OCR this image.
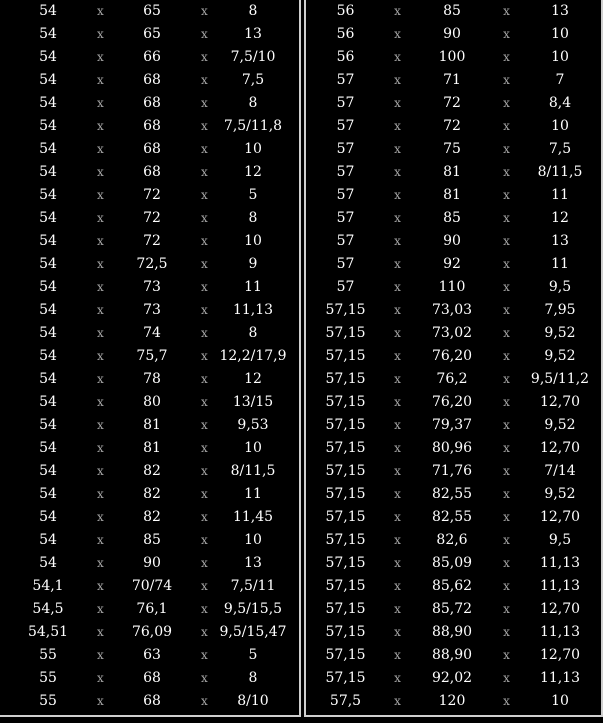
54	x	65	x	8
54	x	65	x	13
54	x	66	x	7,5/10
54	x	68	x	7,5
54	x	68	x	8
54	x	68	x	7,5/11,8
54	x	68	x	10
54	x	68	x	12
54	x	72	x	5
54	x	72	x	8
54	x	72	x	10
54	x	72,5	x	9
54	x	73	x	11
54	x	73	x	11,13
54	x	74	x	8
54	x	75,7	x	12,2/17,9
54	x	78	x	12
54	x	80	x	13/15
54	x	81	x	9,53
54	x	81	x	10
54	x	82	x	8/11,5
54	x	82	x	11
54	x	82	x	11,45
54	x	85	x	10
54	x	90	x	13
54,1	x	70/74	x	7,5/11
54,5	x	76,1	x	9,5/15,5
54,51	x	76,09	x	9,5/15,47
55	x	63	x	5
55	x	68	x	8
55	x	68	x	8/10
56	x	85	x	13
56	x	90	x	10
56	x	100	x	10
57	x	71	x	7
57	x	72	x	8,4
57	x	72	x	10
57	x	75	x	7,5
57	x	81	x	8/11,5
57	x	81	x	11
57	x	85	x	12
57	x	90	x	13
57	x	92	x	11
57	x	110	x	9,5
57,15	x	73,03	x	7,95
57,15	x	73,02	x	9,52
57,15	x	76,20	x	9,52
57,15	x	76,2	x	9,5/11,2
57,15	x	76,20	x	12,70
57,15	x	79,37	x	9,52
57,15	x	80,96	x	12,70
57,15	x	71,76	x	7/14
57,15	x	82,55	x	9,52
57,15	x	82,55	x	12,70
57,15	x	82,6	x	9,5
57,15	x	85,09	x	11,13
57,15	x	85,62	x	11,13
57,15	x	85,72	x	12,70
57,15	x	88,90	x	11,13
57,15	x	88,90	x	12,70
57,15	x	92,02	x	11,13
57,5	x	120	x	10
